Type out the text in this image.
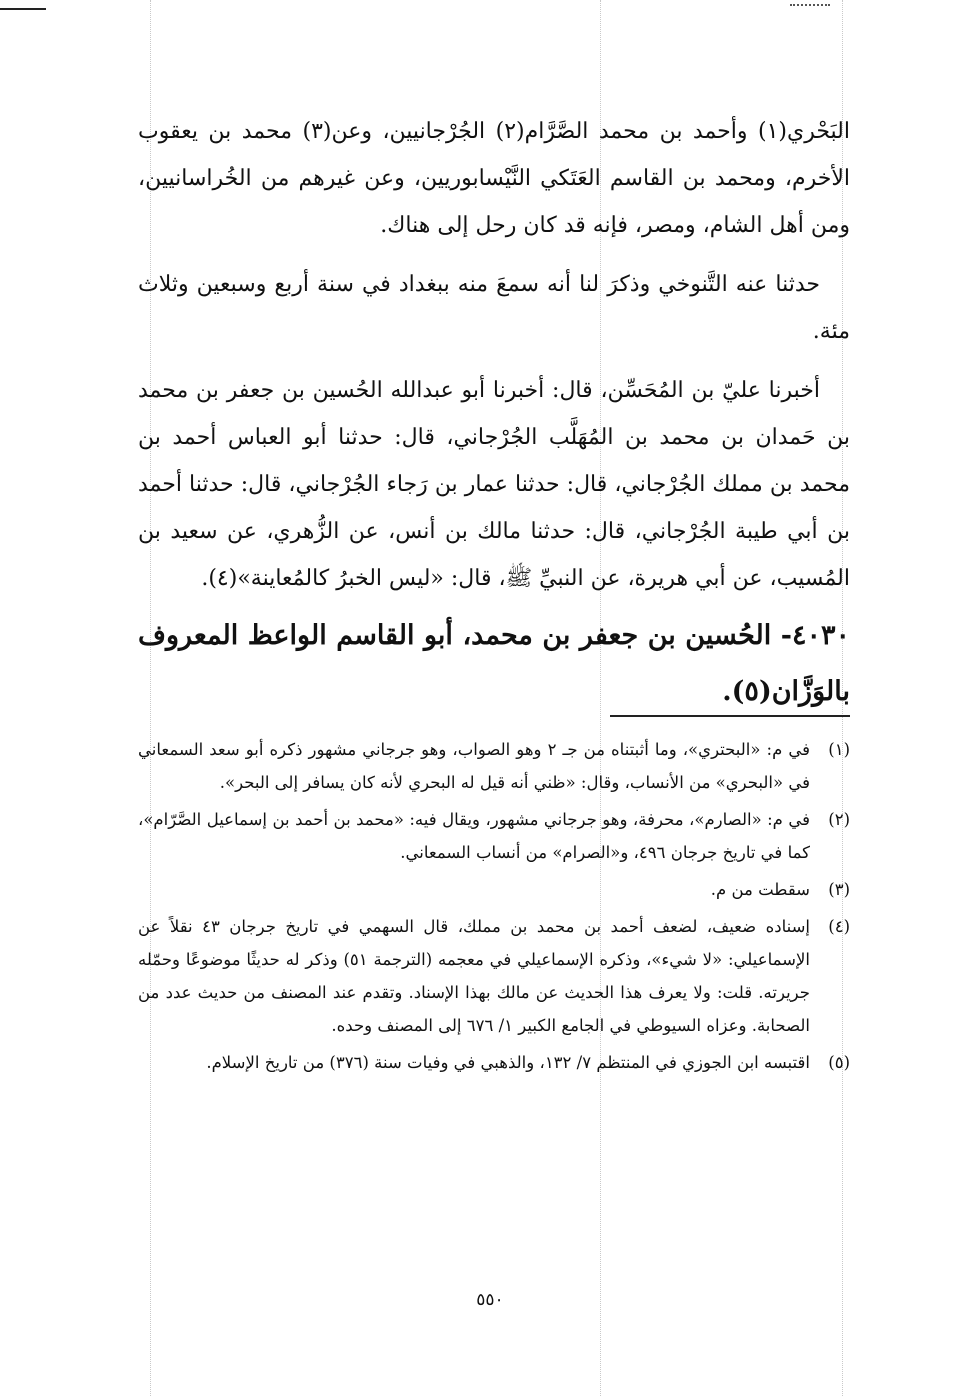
البَحْري(١) وأحمد بن محمد الصَّرَّام(٢) الجُرْجانيين، وعن(٣) محمد بن يعقوب الأخرم، ومحمد بن القاسم العَتَكي النَّيْسابوريين، وعن غيرهم من الخُراسانيين، ومن أهل الشام، ومصر، فإنه قد كان رحل إلى هناك.

حدثنا عنه التَّنوخي وذكرَ لنا أنه سمعَ منه ببغداد في سنة أربع وسبعين وثلاث مئة.

أخبرنا عليّ بن المُحَسِّن، قال: أخبرنا أبو عبدالله الحُسين بن جعفر بن محمد بن حَمدان بن محمد بن المُهَلَّب الجُرْجاني، قال: حدثنا أبو العباس أحمد بن محمد بن مملك الجُرْجاني، قال: حدثنا عمار بن رَجاء الجُرْجاني، قال: حدثنا أحمد بن أبي طيبة الجُرْجاني، قال: حدثنا مالك بن أنس، عن الزُّهري، عن سعيد بن المُسيب، عن أبي هريرة، عن النبيِّ ﷺ، قال: «ليس الخبرُ كالمُعاينة»(٤).

٤٠٣٠- الحُسين بن جعفر بن محمد، أبو القاسم الواعظ المعروف بالوَزَّان(٥).
(١)
في م: «البحتري»، وما أثبتناه من جـ ٢ وهو الصواب، وهو جرجاني مشهور ذكره أبو سعد السمعاني في «البحري» من الأنساب، وقال: «ظني أنه قيل له البحري لأنه كان يسافر إلى البحر».
(٢)
في م: «الصارم»، محرفة، وهو جرجاني مشهور، ويقال فيه: «محمد بن أحمد بن إسماعيل الصَّرّام»، كما في تاريخ جرجان ٤٩٦، و«الصرام» من أنساب السمعاني.
(٣)
سقطت من م.
(٤)
إسناده ضعيف، لضعف أحمد بن محمد بن مملك، قال السهمي في تاريخ جرجان ٤٣ نقلاً عن الإسماعيلي: «لا شيء»، وذكره الإسماعيلي في معجمه (الترجمة ٥١) وذكر له حديثًا موضوعًا وحمّله جريرته. قلت: ولا يعرف هذا الحديث عن مالك بهذا الإسناد. وتقدم عند المصنف من حديث عدد من الصحابة. وعزاه السيوطي في الجامع الكبير ١/ ٦٧٦ إلى المصنف وحده.
(٥)
اقتبسه ابن الجوزي في المنتظم ٧/ ١٣٢، والذهبي في وفيات سنة (٣٧٦) من تاريخ الإسلام.
٥٥٠
